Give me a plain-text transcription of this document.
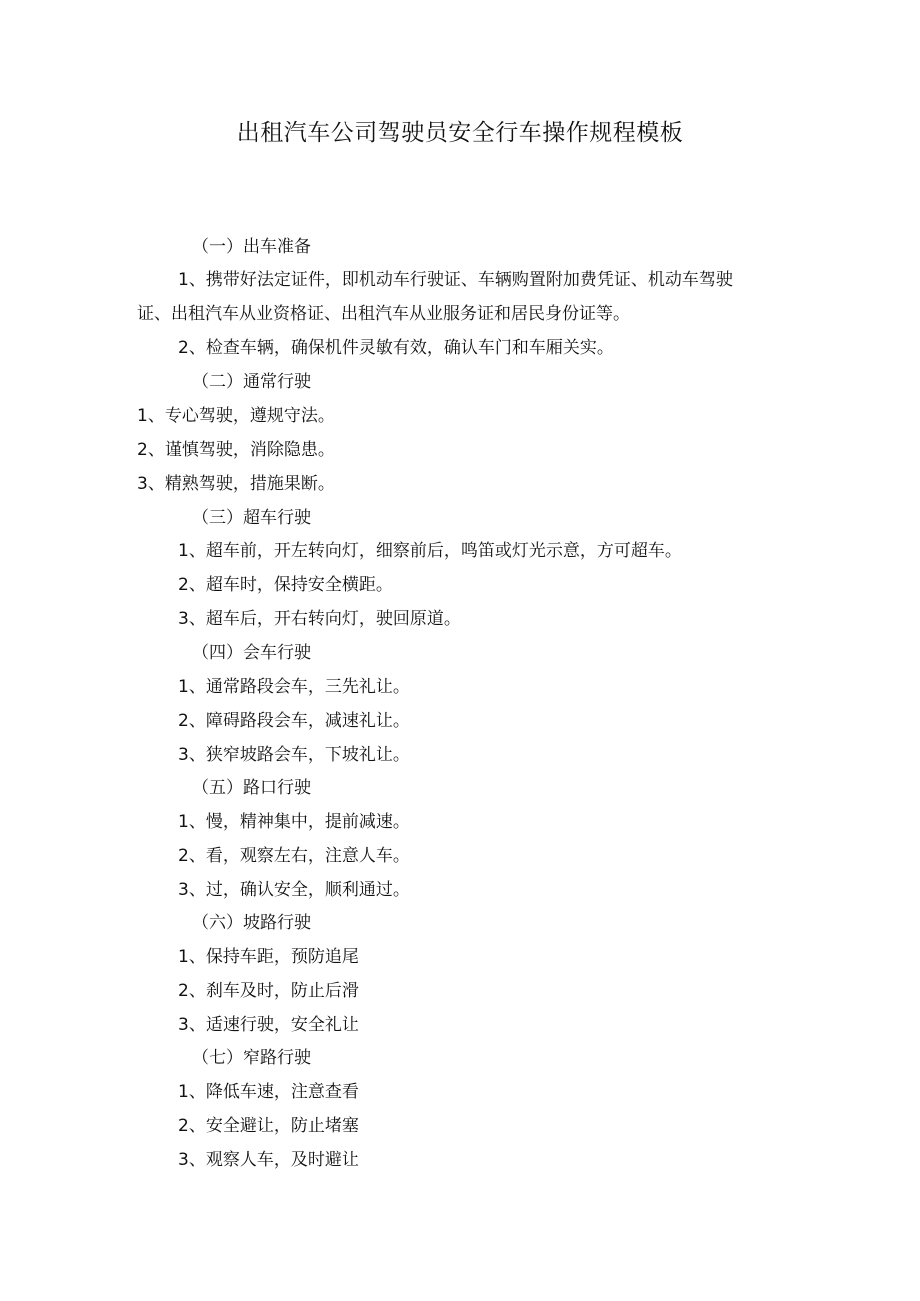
出租汽车公司驾驶员安全行车操作规程模板
（一）出车准备
1、携带好法定证件，即机动车行驶证、车辆购置附加费凭证、机动车驾驶
证、出租汽车从业资格证、出租汽车从业服务证和居民身份证等。
2、检查车辆，确保机件灵敏有效，确认车门和车厢关实。
（二）通常行驶
1、专心驾驶，遵规守法。
2、谨慎驾驶，消除隐患。
3、精熟驾驶，措施果断。
（三）超车行驶
1、超车前，开左转向灯，细察前后，鸣笛或灯光示意，方可超车。
2、超车时，保持安全横距。
3、超车后，开右转向灯，驶回原道。
（四）会车行驶
1、通常路段会车，三先礼让。
2、障碍路段会车，减速礼让。
3、狭窄坡路会车，下坡礼让。
（五）路口行驶
1、慢，精神集中，提前减速。
2、看，观察左右，注意人车。
3、过，确认安全，顺利通过。
（六）坡路行驶
1、保持车距，预防追尾
2、刹车及时，防止后滑
3、适速行驶，安全礼让
（七）窄路行驶
1、降低车速，注意查看
2、安全避让，防止堵塞
3、观察人车，及时避让
